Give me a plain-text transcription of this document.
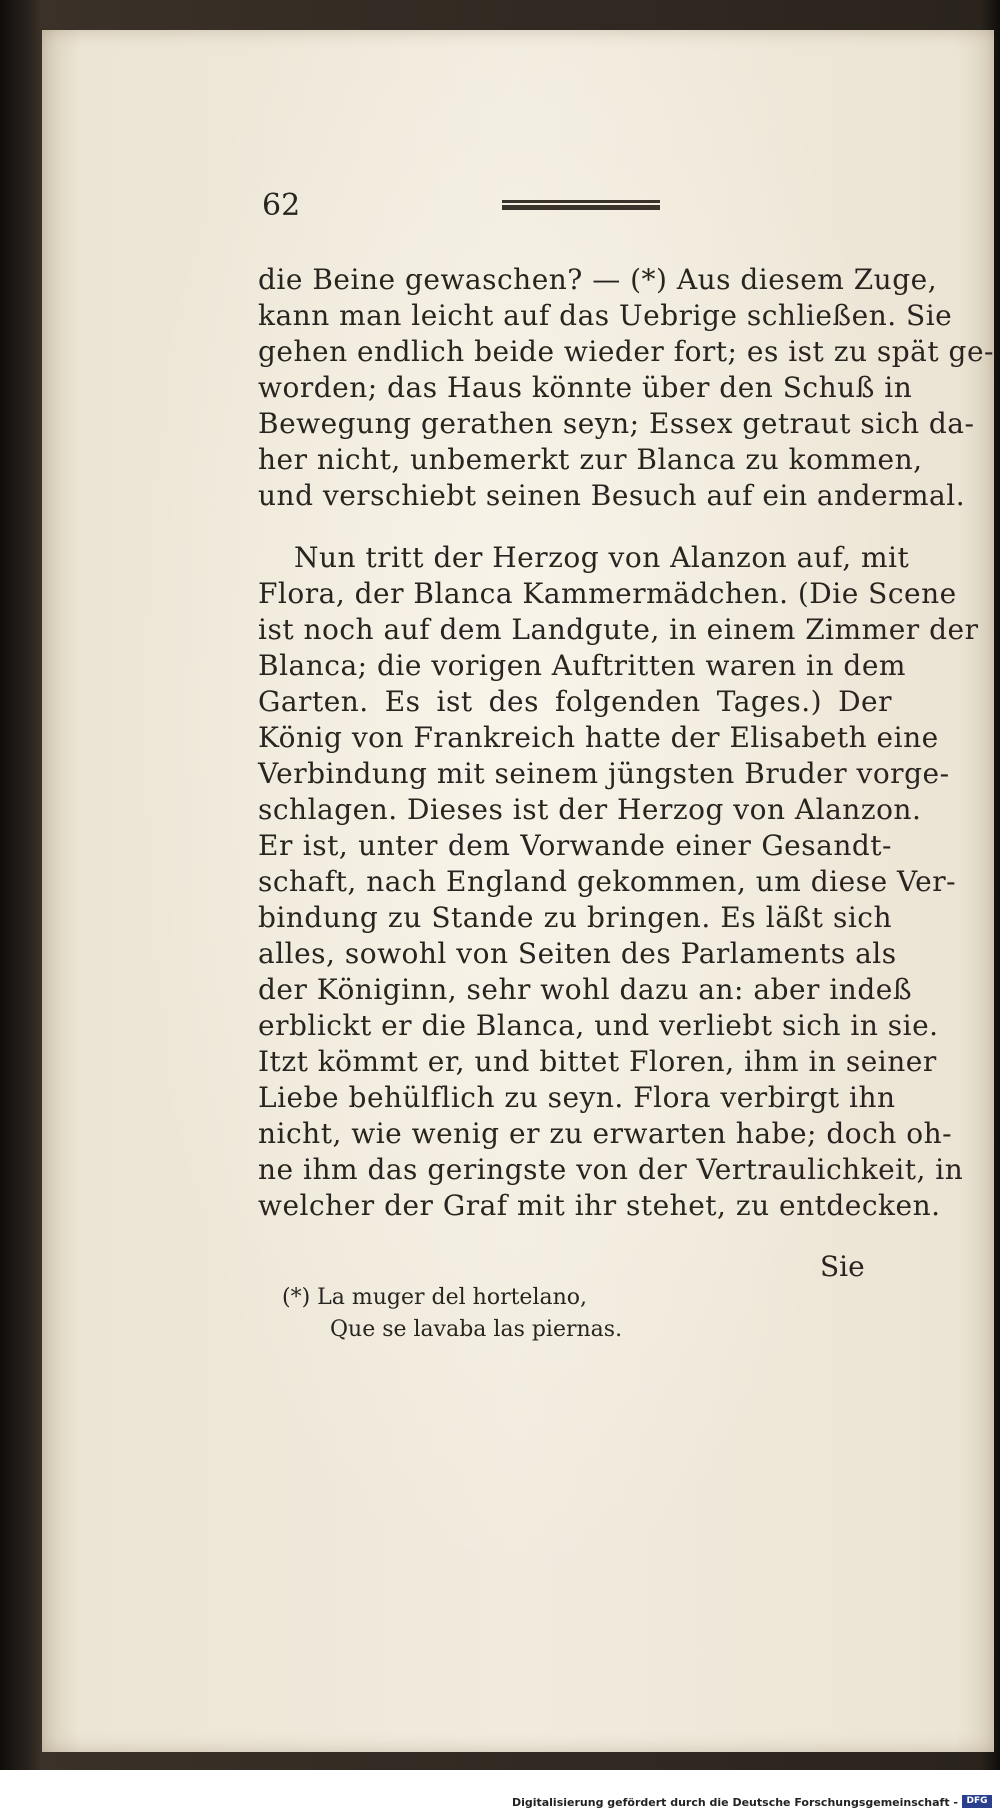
62
die Beine gewaschen? — (*) Aus diesem Zuge,
kann man leicht auf das Uebrige schließen. Sie
gehen endlich beide wieder fort; es ist zu spät ge-
worden; das Haus könnte über den Schuß in
Bewegung gerathen seyn; Essex getraut sich da-
her nicht, unbemerkt zur Blanca zu kommen,
und verschiebt seinen Besuch auf ein andermal.
Nun tritt der Herzog von Alanzon auf, mit
Flora, der Blanca Kammermädchen. (Die Scene
ist noch auf dem Landgute, in einem Zimmer der
Blanca; die vorigen Auftritten waren in dem
Garten. Es ist des folgenden Tages.) Der
König von Frankreich hatte der Elisabeth eine
Verbindung mit seinem jüngsten Bruder vorge-
schlagen. Dieses ist der Herzog von Alanzon.
Er ist, unter dem Vorwande einer Gesandt-
schaft, nach England gekommen, um diese Ver-
bindung zu Stande zu bringen. Es läßt sich
alles, sowohl von Seiten des Parlaments als
der Königinn, sehr wohl dazu an: aber indeß
erblickt er die Blanca, und verliebt sich in sie.
Itzt kömmt er, und bittet Floren, ihm in seiner
Liebe behülflich zu seyn. Flora verbirgt ihn
nicht, wie wenig er zu erwarten habe; doch oh-
ne ihm das geringste von der Vertraulichkeit, in
welcher der Graf mit ihr stehet, zu entdecken.
Sie
(*) La muger del hortelano,
Que se lavaba las piernas.
Digitalisierung gefördert durch die Deutsche Forschungsgemeinschaft - DFG
